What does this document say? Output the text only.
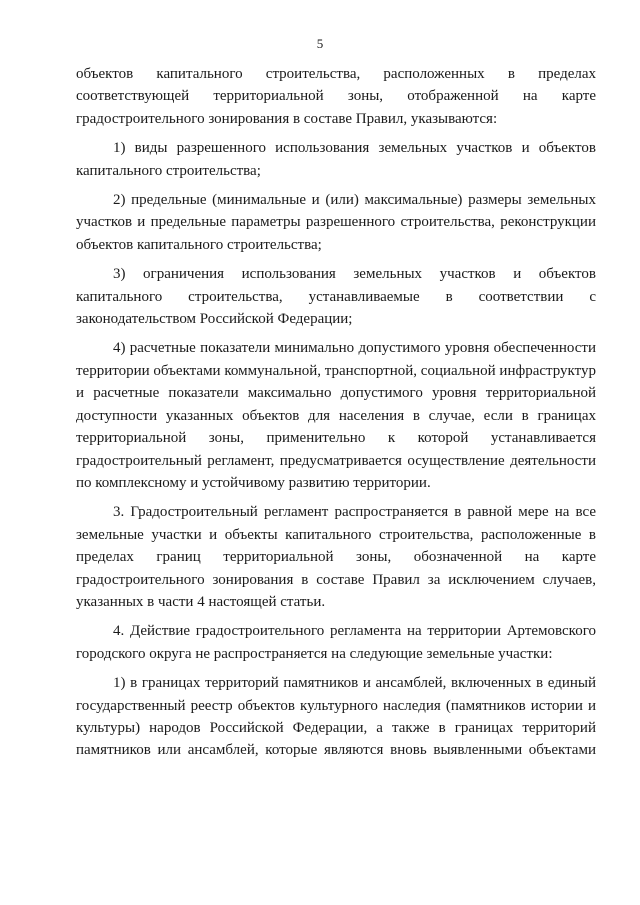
5

объектов капитального строительства, расположенных в пределах соответствующей территориальной зоны, отображенной на карте градостроительного зонирования в составе Правил, указываются:

1) виды разрешенного использования земельных участков и объектов капитального строительства;

2) предельные (минимальные и (или) максимальные) размеры земельных участков и предельные параметры разрешенного строительства, реконструкции объектов капитального строительства;

3) ограничения использования земельных участков и объектов капитального строительства, устанавливаемые в соответствии с законодательством Российской Федерации;

4) расчетные показатели минимально допустимого уровня обеспеченности территории объектами коммунальной, транспортной, социальной инфраструктур и расчетные показатели максимально допустимого уровня территориальной доступности указанных объектов для населения в случае, если в границах территориальной зоны, применительно к которой устанавливается градостроительный регламент, предусматривается осуществление деятельности по комплексному и устойчивому развитию территории.

3. Градостроительный регламент распространяется в равной мере на все земельные участки и объекты капитального строительства, расположенные в пределах границ территориальной зоны, обозначенной на карте градостроительного зонирования в составе Правил за исключением случаев, указанных в части 4 настоящей статьи.

4. Действие градостроительного регламента на территории Артемовского городского округа не распространяется на следующие земельные участки:

1) в границах территорий памятников и ансамблей, включенных в единый государственный реестр объектов культурного наследия (памятников истории и культуры) народов Российской Федерации, а также в границах территорий памятников или ансамблей, которые являются вновь выявленными объектами
